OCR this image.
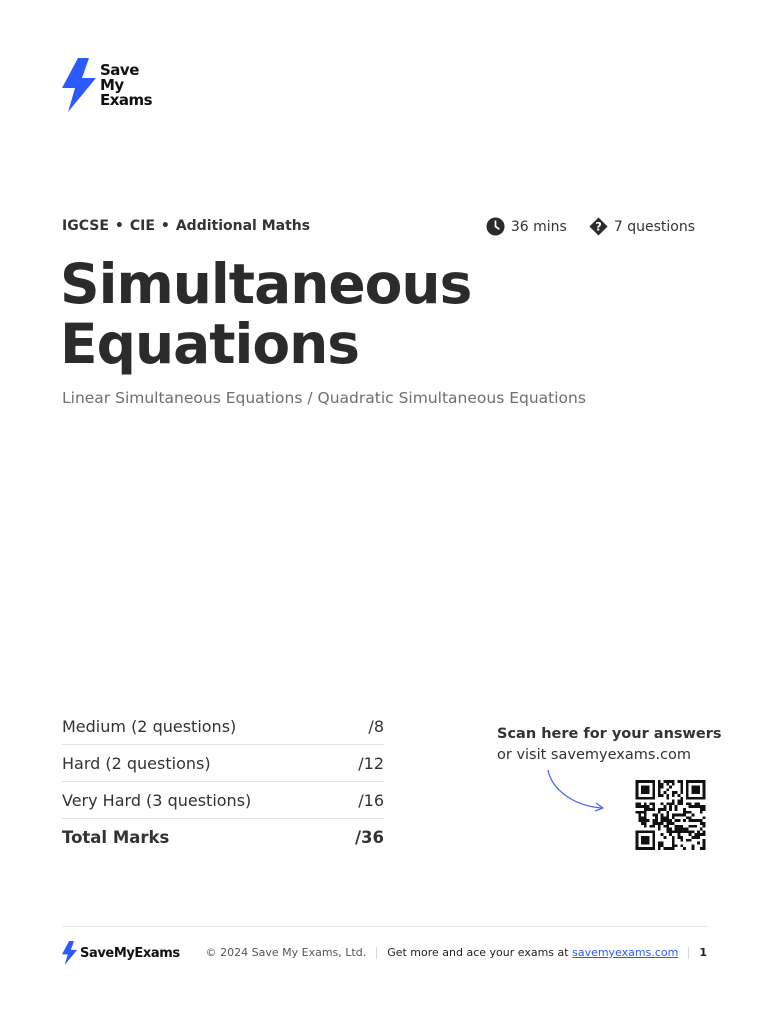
Save
My
Exams
IGCSE • CIE • Additional Maths	36 mins ? 7 questions
Simultaneous
Equations
Linear Simultaneous Equations / Quadratic Simultaneous Equations
Medium (2 questions)	/8
Hard (2 questions)	/12
Very Hard (3 questions)	/16
Total Marks	/36
Scan here for your answers
or visit savemyexams.com
SaveMyExams © 2024 Save My Exams, Ltd. Get more and ace your exams at
savemyexams.com 1
